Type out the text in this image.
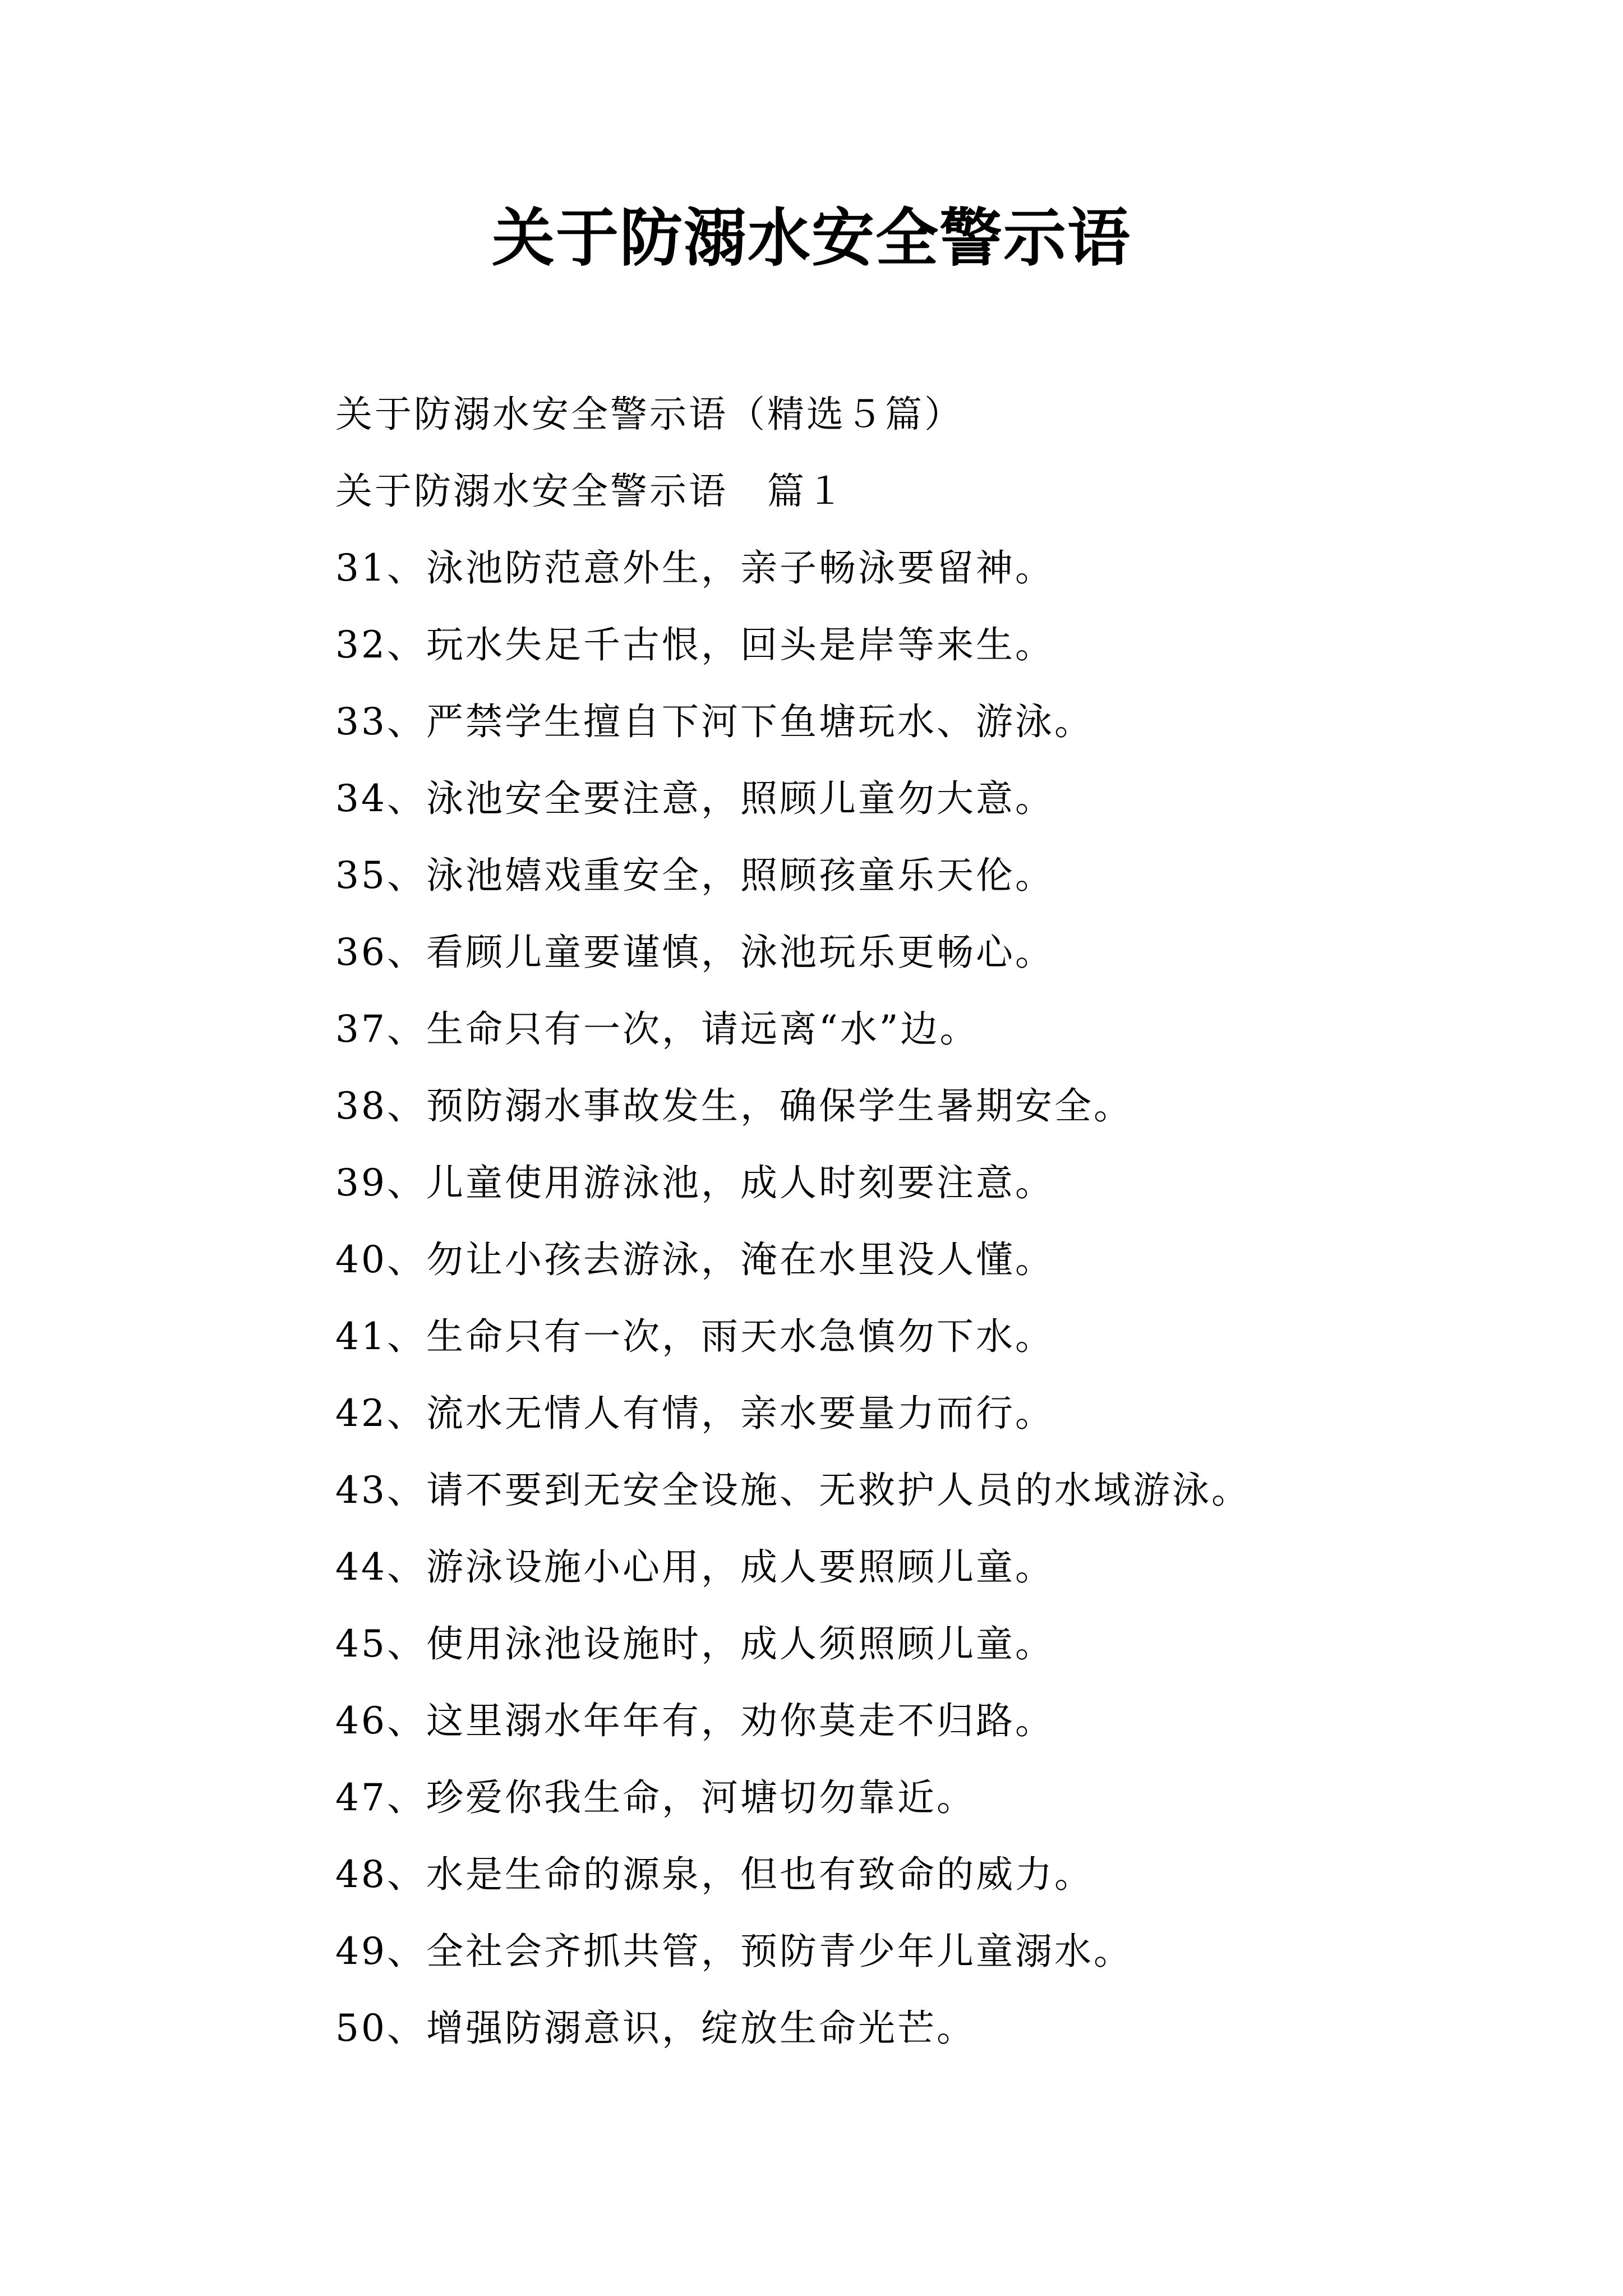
关于防溺水安全警示语
关于防溺水安全警示语（精选５篇）
关于防溺水安全警示语　篇１
31、泳池防范意外生，亲子畅泳要留神。
32、玩水失足千古恨，回头是岸等来生。
33、严禁学生擅自下河下鱼塘玩水、游泳。
34、泳池安全要注意，照顾儿童勿大意。
35、泳池嬉戏重安全，照顾孩童乐天伦。
36、看顾儿童要谨慎，泳池玩乐更畅心。
37、生命只有一次，请远离“水”边。
38、预防溺水事故发生，确保学生暑期安全。
39、儿童使用游泳池，成人时刻要注意。
40、勿让小孩去游泳，淹在水里没人懂。
41、生命只有一次，雨天水急慎勿下水。
42、流水无情人有情，亲水要量力而行。
43、请不要到无安全设施、无救护人员的水域游泳。
44、游泳设施小心用，成人要照顾儿童。
45、使用泳池设施时，成人须照顾儿童。
46、这里溺水年年有，劝你莫走不归路。
47、珍爱你我生命，河塘切勿靠近。
48、水是生命的源泉，但也有致命的威力。
49、全社会齐抓共管，预防青少年儿童溺水。
50、增强防溺意识，绽放生命光芒。
